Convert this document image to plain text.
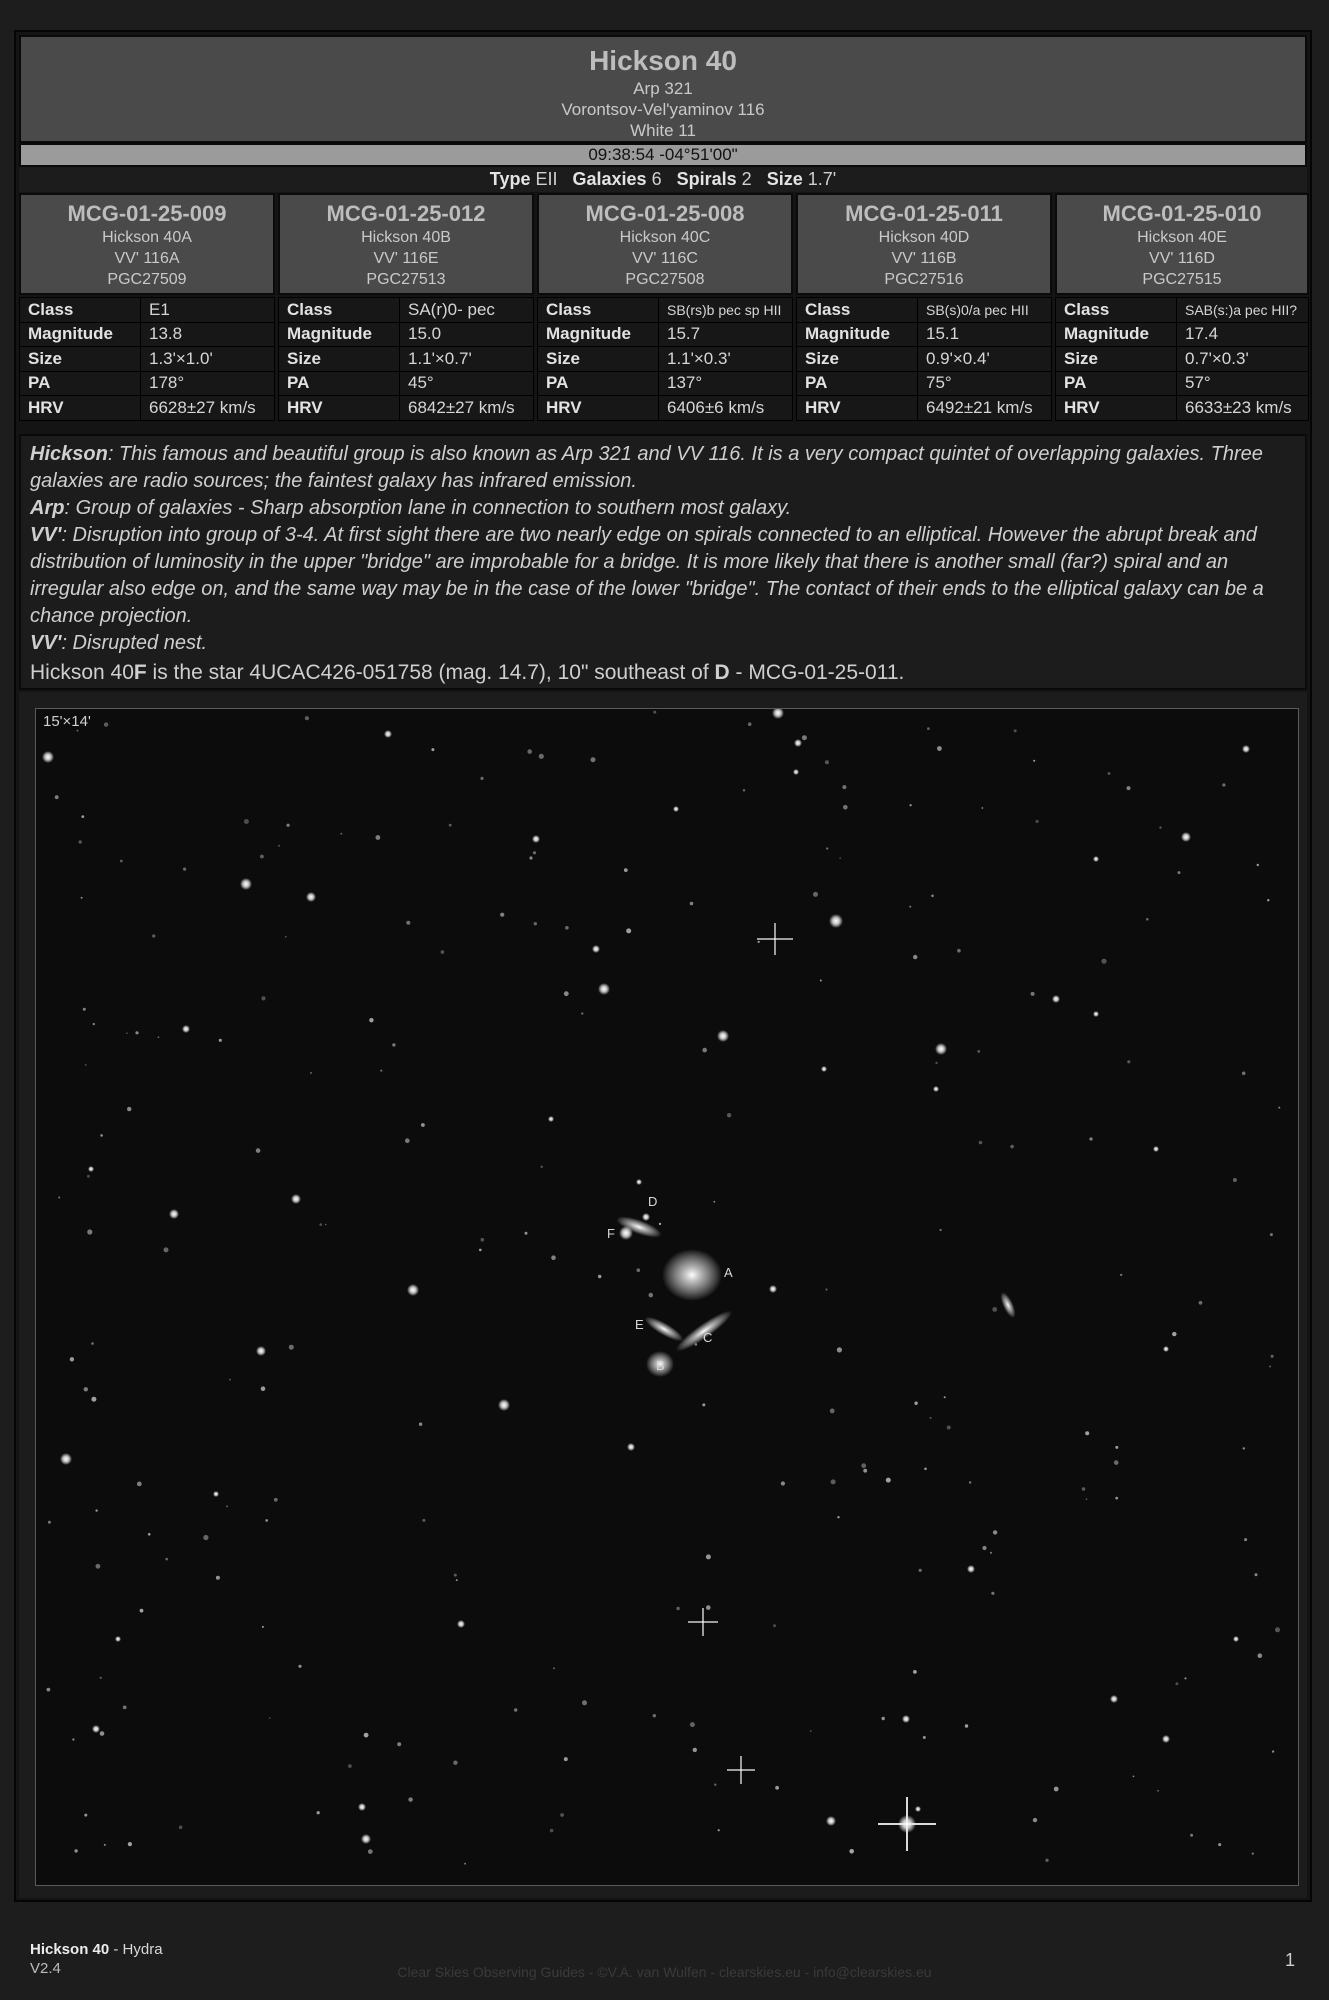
Hickson 40
Arp 321
Vorontsov-Vel'yaminov 116
White 11
09:38:54 -04°51'00"
Type EII Galaxies 6 Spirals 2 Size 1.7'
MCG-01-25-009
Hickson 40A
VV' 116A
PGC27509
Class	E1
Magnitude	13.8
Size	1.3'×1.0'
PA	178°
HRV	6628±27 km/s
MCG-01-25-012
Hickson 40B
VV' 116E
PGC27513
Class	SA(r)0- pec
Magnitude	15.0
Size	1.1'×0.7'
PA	45°
HRV	6842±27 km/s
MCG-01-25-008
Hickson 40C
VV' 116C
PGC27508
Class	SB(rs)b pec sp HII
Magnitude	15.7
Size	1.1'×0.3'
PA	137°
HRV	6406±6 km/s
MCG-01-25-011
Hickson 40D
VV' 116B
PGC27516
Class	SB(s)0/a pec HII
Magnitude	15.1
Size	0.9'×0.4'
PA	75°
HRV	6492±21 km/s
MCG-01-25-010
Hickson 40E
VV' 116D
PGC27515
Class	SAB(s:)a pec HII?
Magnitude	17.4
Size	0.7'×0.3'
PA	57°
HRV	6633±23 km/s

Hickson: This famous and beautiful group is also known as Arp 321 and VV 116. It is a very compact quintet of overlapping galaxies. Three galaxies are radio sources; the faintest galaxy has infrared emission.

Arp: Group of galaxies - Sharp absorption lane in connection to southern most galaxy.

VV': Disruption into group of 3-4. At first sight there are two nearly edge on spirals connected to an elliptical. However the abrupt break and distribution of luminosity in the upper "bridge" are improbable for a bridge. It is more likely that there is another small (far?) spiral and an irregular also edge on, and the same way may be in the case of the lower "bridge". The contact of their ends to the elliptical galaxy can be a chance projection.

VV': Disrupted nest.

Hickson 40F is the star 4UCAC426-051758 (mag. 14.7), 10" southeast of D - MCG-01-25-011.

D
F
A
E
C
B
15'×14'
Hickson 40 - Hydra
V2.4	Clear Skies Observing Guides - ©V.A. van Wulfen - clearskies.eu - info@clearskies.eu
1
